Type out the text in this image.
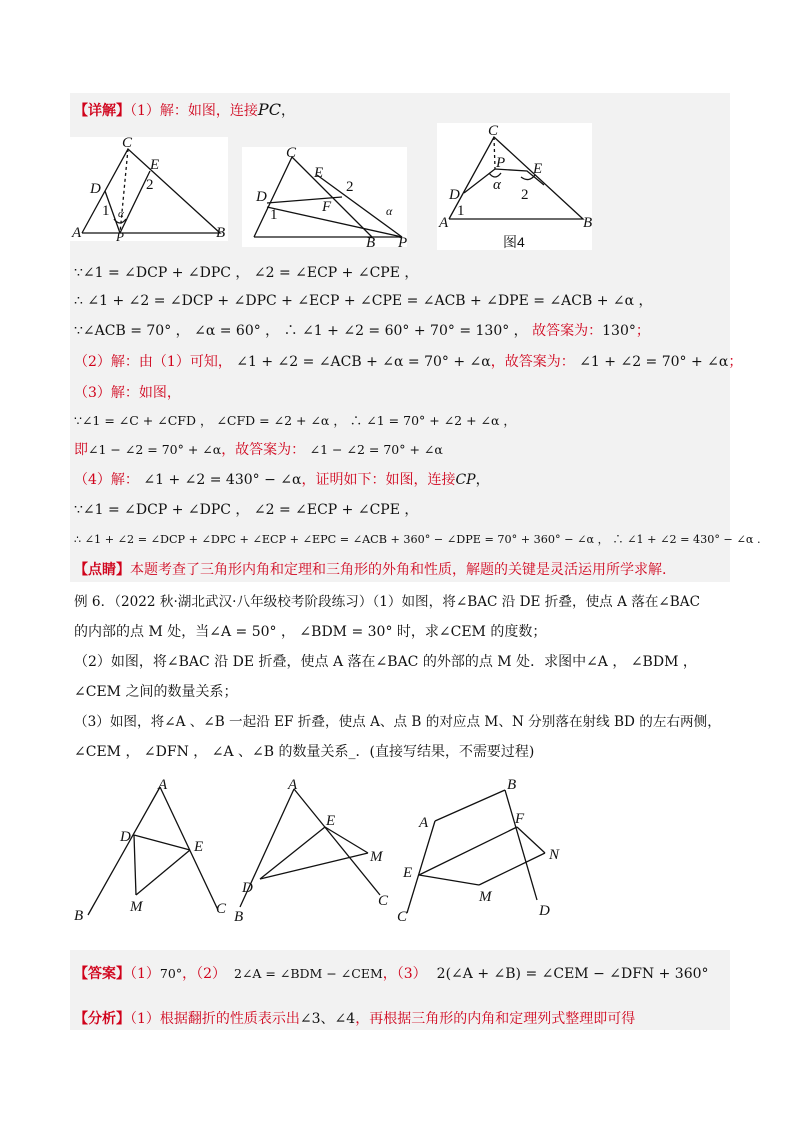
【详解】（1）解：如图，连接PC，
C
E
D
1
2
A	B
P
α
C
E
D
1
2
F
B P
α
C
P E
D
1
α
2
A	B
图4
∵∠1 = ∠DCP + ∠DPC ， ∠2 = ∠ECP + ∠CPE ，
∴ ∠1 + ∠2 = ∠DCP + ∠DPC + ∠ECP + ∠CPE = ∠ACB + ∠DPE = ∠ACB + ∠α ，
∵∠ACB = 70° ， ∠α = 60° ， ∴ ∠1 + ∠2 = 60° + 70° = 130° ， 故答案为：130°；
（2）解：由（1）可知， ∠1 + ∠2 = ∠ACB + ∠α = 70° + ∠α，故答案为： ∠1 + ∠2 = 70° + ∠α；
（3）解：如图，
∵∠1 = ∠C + ∠CFD ， ∠CFD = ∠2 + ∠α ， ∴ ∠1 = 70° + ∠2 + ∠α ，
即∠1 − ∠2 = 70° + ∠α，故答案为： ∠1 − ∠2 = 70° + ∠α
（4）解： ∠1 + ∠2 = 430° − ∠α，证明如下：如图，连接CP，
∵∠1 = ∠DCP + ∠DPC ， ∠2 = ∠ECP + ∠CPE ，
∴ ∠1 + ∠2 = ∠DCP + ∠DPC + ∠ECP + ∠EPC = ∠ACB + 360° − ∠DPE = 70° + 360° − ∠α ， ∴ ∠1 + ∠2 = 430° − ∠α .
【点睛】本题考查了三角形内角和定理和三角形的外角和性质，解题的关键是灵活运用所学求解.
例 6．（2022 秋·湖北武汉·八年级校考阶段练习）（1）如图，将∠BAC 沿 DE 折叠，使点 A 落在∠BAC
的内部的点 M 处，当∠A = 50° ， ∠BDM = 30° 时，求∠CEM 的度数；
（2）如图，将∠BAC 沿 DE 折叠，使点 A 落在∠BAC 的外部的点 M 处．求图中∠A ， ∠BDM ，
∠CEM 之间的数量关系；
（3）如图，将∠A 、∠B 一起沿 EF 折叠，使点 A、点 B 的对应点 M、N 分别落在射线 BD 的左右两侧，
∠CEM ， ∠DFN ， ∠A 、∠B 的数量关系_．(直接写结果，不需要过程)
A
D
E
M
B	C
A
E
M
D
B
C
B
A	F
N
E
M
C	D
【答案】（1）70°，（2） 2∠A = ∠BDM − ∠CEM，（3） 2(∠A + ∠B) = ∠CEM − ∠DFN + 360°
【分析】（1）根据翻折的性质表示出∠3、∠4，再根据三角形的内角和定理列式整理即可得
